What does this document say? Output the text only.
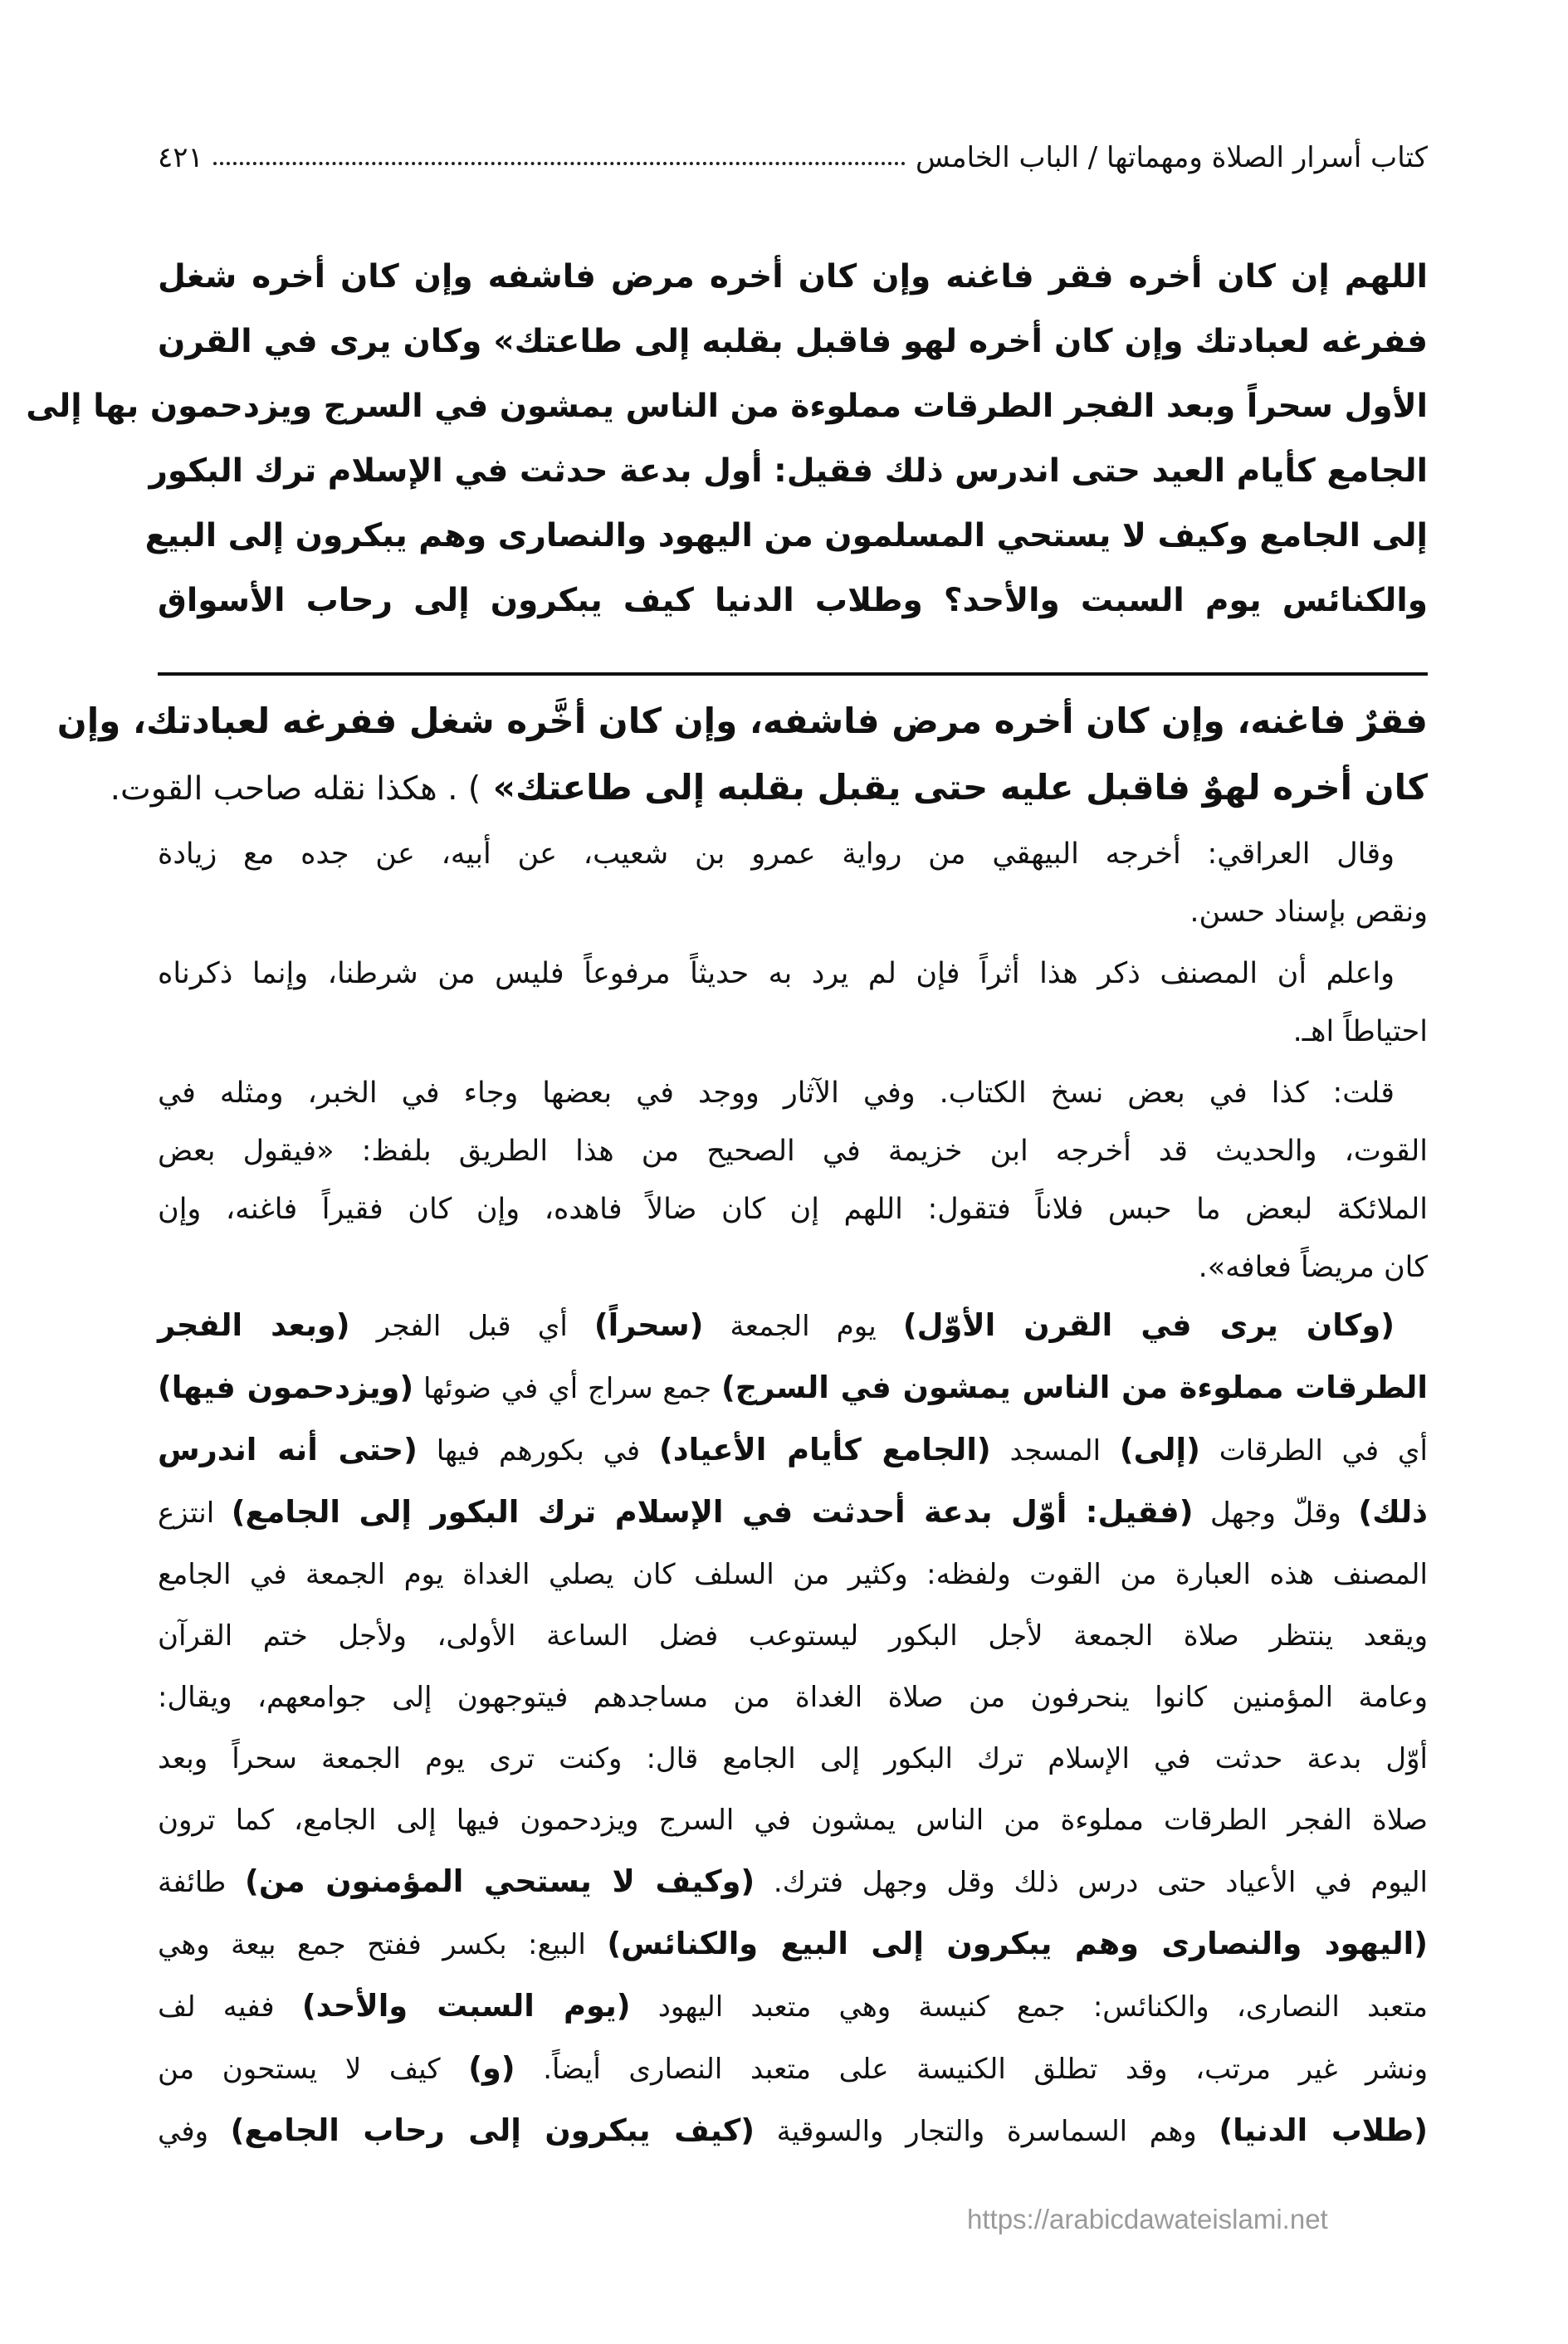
كتاب أسرار الصلاة ومهماتها / الباب الخامس
٤٢١
اللهم إن كان أخره فقر فاغنه وإن كان أخره مرض فاشفه وإن كان أخره شغل
ففرغه لعبادتك وإن كان أخره لهو فاقبل بقلبه إلى طاعتك» وكان يرى في القرن
الأول سحراً وبعد الفجر الطرقات مملوءة من الناس يمشون في السرج ويزدحمون بها إلى
الجامع كأيام العيد حتى اندرس ذلك فقيل: أول بدعة حدثت في الإسلام ترك البكور
إلى الجامع وكيف لا يستحي المسلمون من اليهود والنصارى وهم يبكرون إلى البيع
والكنائس يوم السبت والأحد؟ وطلاب الدنيا كيف يبكرون إلى رحاب الأسواق
فقرٌ فاغنه، وإن كان أخره مرض فاشفه، وإن كان أخَّره شغل ففرغه لعبادتك، وإن
كان أخره لهوٌ فاقبل عليه حتى يقبل بقلبه إلى طاعتك» ) . هكذا نقله صاحب القوت.
وقال العراقي: أخرجه البيهقي من رواية عمرو بن شعيب، عن أبيه، عن جده مع زيادة
ونقص بإسناد حسن.
واعلم أن المصنف ذكر هذا أثراً فإن لم يرد به حديثاً مرفوعاً فليس من شرطنا، وإنما ذكرناه
احتياطاً اهـ.
قلت: كذا في بعض نسخ الكتاب. وفي الآثار ووجد في بعضها وجاء في الخبر، ومثله في
القوت، والحديث قد أخرجه ابن خزيمة في الصحيح من هذا الطريق بلفظ: «فيقول بعض
الملائكة لبعض ما حبس فلاناً فتقول: اللهم إن كان ضالاً فاهده، وإن كان فقيراً فاغنه، وإن
كان مريضاً فعافه».
(وكان يرى في القرن الأوّل) يوم الجمعة (سحراً) أي قبل الفجر (وبعد الفجر
الطرقات مملوءة من الناس يمشون في السرج) جمع سراج أي في ضوئها (ويزدحمون فيها)
أي في الطرقات (إلى) المسجد (الجامع كأيام الأعياد) في بكورهم فيها (حتى أنه اندرس
ذلك) وقلّ وجهل (فقيل: أوّل بدعة أحدثت في الإسلام ترك البكور إلى الجامع) انتزع
المصنف هذه العبارة من القوت ولفظه: وكثير من السلف كان يصلي الغداة يوم الجمعة في الجامع
ويقعد ينتظر صلاة الجمعة لأجل البكور ليستوعب فضل الساعة الأولى، ولأجل ختم القرآن
وعامة المؤمنين كانوا ينحرفون من صلاة الغداة من مساجدهم فيتوجهون إلى جوامعهم، ويقال:
أوّل بدعة حدثت في الإسلام ترك البكور إلى الجامع قال: وكنت ترى يوم الجمعة سحراً وبعد
صلاة الفجر الطرقات مملوءة من الناس يمشون في السرج ويزدحمون فيها إلى الجامع، كما ترون
اليوم في الأعياد حتى درس ذلك وقل وجهل فترك. (وكيف لا يستحي المؤمنون من) طائفة
(اليهود والنصارى وهم يبكرون إلى البيع والكنائس) البيع: بكسر ففتح جمع بيعة وهي
متعبد النصارى، والكنائس: جمع كنيسة وهي متعبد اليهود (يوم السبت والأحد) ففيه لف
ونشر غير مرتب، وقد تطلق الكنيسة على متعبد النصارى أيضاً. (و) كيف لا يستحون من
(طلاب الدنيا) وهم السماسرة والتجار والسوقية (كيف يبكرون إلى رحاب الجامع) وفي
https://arabicdawateislami.net
